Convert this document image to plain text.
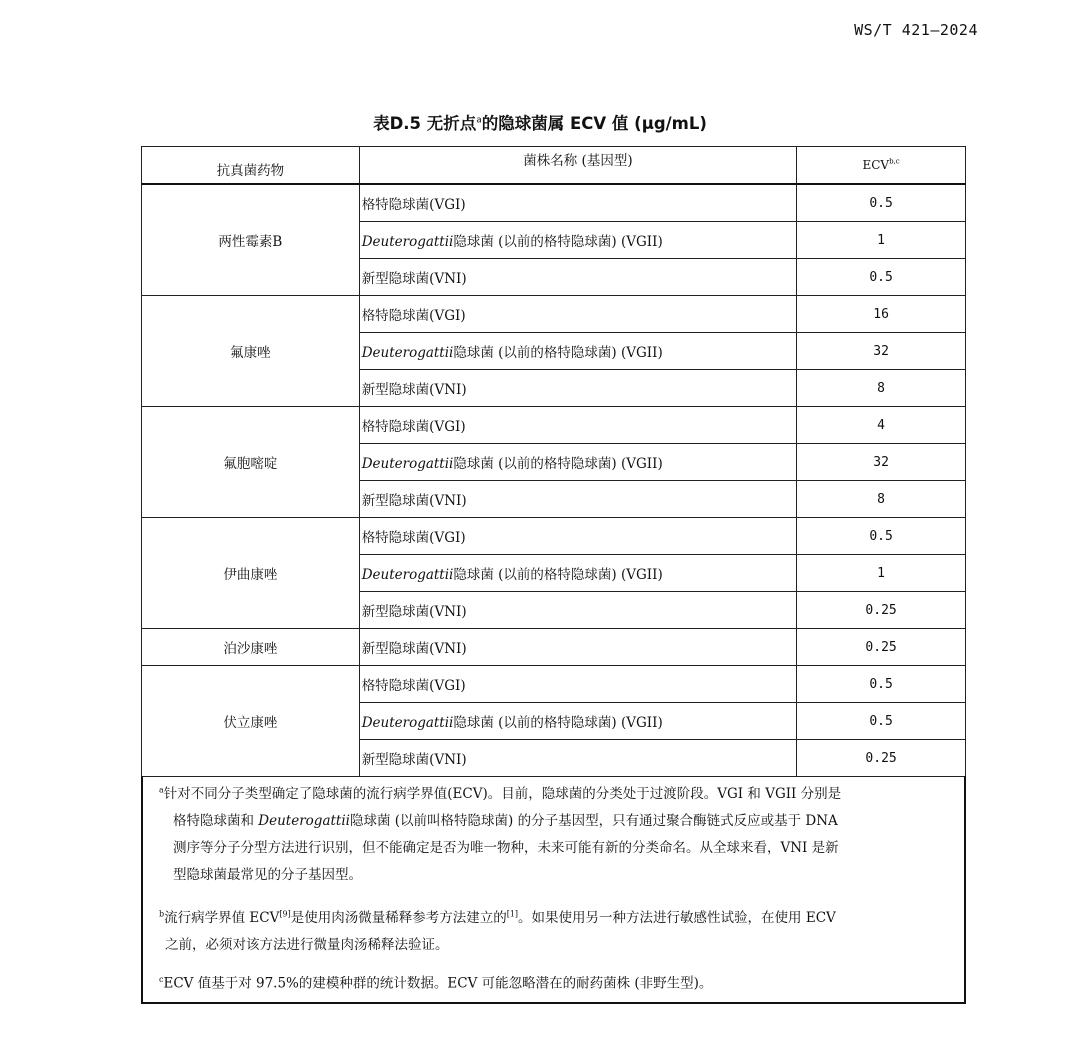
WS/T 421—2024
表D.5 无折点$^a$的隐球菌属 ECV 值 (µg/mL)
抗真菌药物	菌株名称 (基因型)	ECV$^{b,c}$
两性霉素B	格特隐球菌(VGI)	0.5
	Deuterogattii隐球菌 (以前的格特隐球菌) (VGII)	1
	新型隐球菌(VNI)	0.5
氟康唑	格特隐球菌(VGI)	16
	Deuterogattii隐球菌 (以前的格特隐球菌) (VGII)	32
	新型隐球菌(VNI)	8
氟胞嘧啶	格特隐球菌(VGI)	4
	Deuterogattii隐球菌 (以前的格特隐球菌) (VGII)	32
	新型隐球菌(VNI)	8
伊曲康唑	格特隐球菌(VGI)	0.5
	Deuterogattii隐球菌 (以前的格特隐球菌) (VGII)	1
	新型隐球菌(VNI)	0.25
泊沙康唑	新型隐球菌(VNI)	0.25
伏立康唑	格特隐球菌(VGI)	0.5
	Deuterogattii隐球菌 (以前的格特隐球菌) (VGII)	0.5
	新型隐球菌(VNI)	0.25
$^a$针对不同分子类型确定了隐球菌的流行病学界值(ECV)。目前，隐球菌的分类处于过渡阶段。VGI 和 VGII 分别是
格特隐球菌和 Deuterogattii隐球菌 (以前叫格特隐球菌) 的分子基因型，只有通过聚合酶链式反应或基于 DNA
测序等分子分型方法进行识别，但不能确定是否为唯一物种，未来可能有新的分类命名。从全球来看，VNI 是新
型隐球菌最常见的分子基因型。
$^b$流行病学界值 ECV[9]是使用肉汤微量稀释参考方法建立的[1]。如果使用另一种方法进行敏感性试验，在使用 ECV
之前，必须对该方法进行微量肉汤稀释法验证。
$^c$ECV 值基于对 97.5%的建模种群的统计数据。ECV 可能忽略潜在的耐药菌株 (非野生型)。
